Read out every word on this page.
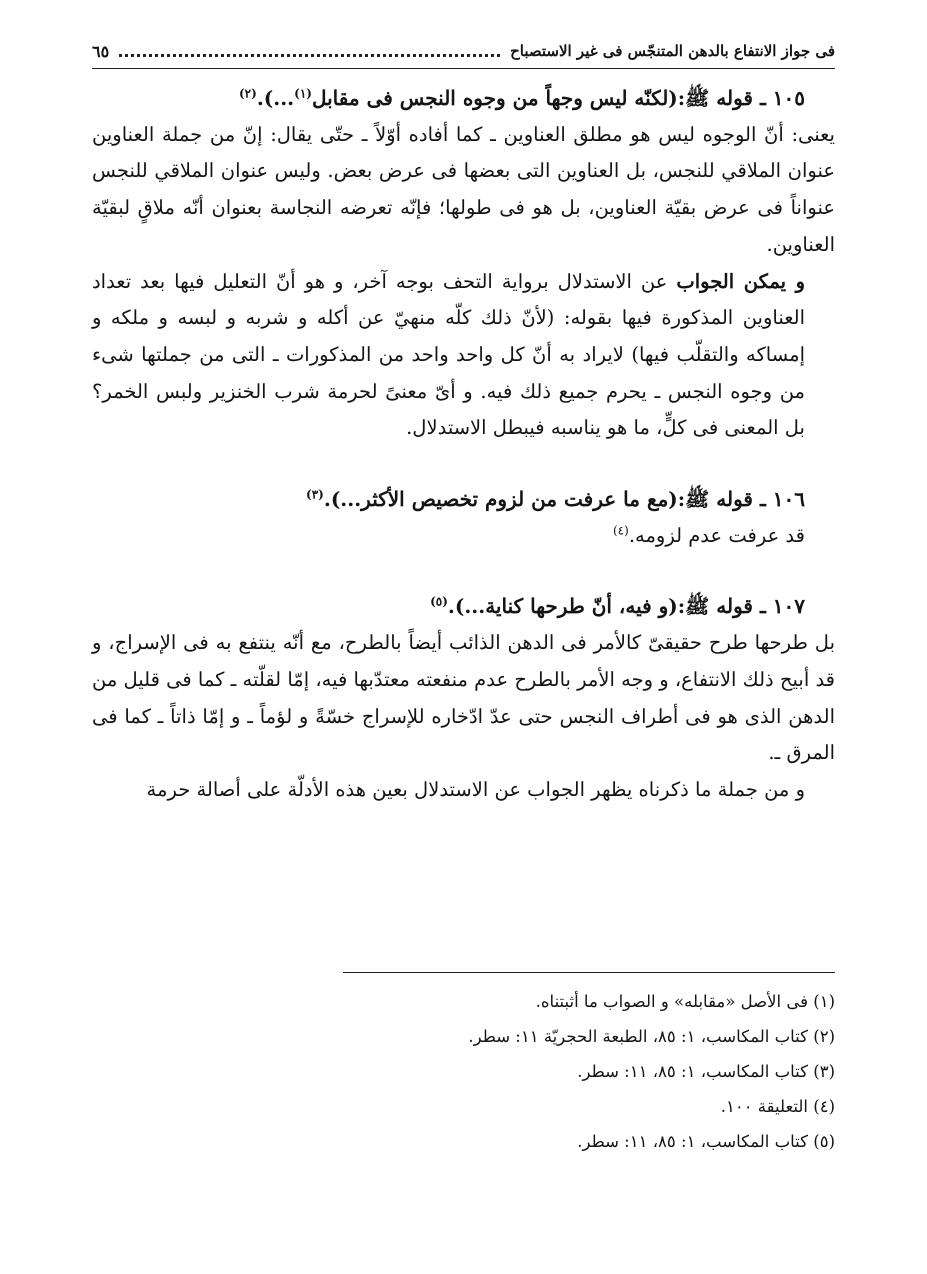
فى جواز الانتفاع بالدهن المتنجّس فى غير الاستصباح
٦٥

١٠٥ ـ قوله ﷺ:(لكنّه ليس وجهاً من وجوه النجس فى مقابل$^{(١)}$...).$^{(٢)}$

يعنى: أنّ الوجوه ليس هو مطلق العناوين ـ كما أفاده أوّلاً ـ حتّى يقال: إنّ من جملة العناوين عنوان الملاقي للنجس، بل العناوين التى بعضها فى عرض بعض. وليس عنوان الملاقي للنجس عنواناً فى عرض بقيّة العناوين، بل هو فى طولها؛ فإنّه تعرضه النجاسة بعنوان أنّه ملاقٍ لبقيّة العناوين.

و يمكن الجواب عن الاستدلال برواية التحف بوجه آخر، و هو أنّ التعليل فيها بعد تعداد العناوين المذكورة فيها بقوله: (لأنّ ذلك كلّه منهيّ عن أكله و شربه و لبسه و ملكه و إمساكه والتقلّب فيها) لايراد به أنّ كل واحد واحد من المذكورات ـ التى من جملتها شىء من وجوه النجس ـ يحرم جميع ذلك فيه. و أىّ معنىً لحرمة شرب الخنزير ولبس الخمر؟ بل المعنى فى كلٍّ، ما هو يناسبه فيبطل الاستدلال.

١٠٦ ـ قوله ﷺ:(مع ما عرفت من لزوم تخصيص الأكثر...).$^{(٣)}$

قد عرفت عدم لزومه.$^{(٤)}$

١٠٧ ـ قوله ﷺ:(و فيه، أنّ طرحها كناية...).$^{(٥)}$

بل طرحها طرح حقيقىّ كالأمر فى الدهن الذائب أيضاً بالطرح، مع أنّه ينتفع به فى الإسراج، و قد أبيح ذلك الانتفاع، و وجه الأمر بالطرح عدم منفعته معتدّبها فيه، إمّا لقلّته ـ كما فى قليل من الدهن الذى هو فى أطراف النجس حتى عدّ ادّخاره للإسراج خسّةً و لؤماً ـ و إمّا ذاتاً ـ كما فى المرق ـ.

و من جملة ما ذكرناه يظهر الجواب عن الاستدلال بعين هذه الأدلّة على أصالة حرمة

(١) فى الأصل «مقابله» و الصواب ما أثبتناه.

(٢) كتاب المكاسب، ١: ٨٥، الطبعة الحجريّة ١١: سطر.

(٣) كتاب المكاسب، ١: ٨٥، ١١: سطر.

(٤) التعليقة ١٠٠.

(٥) كتاب المكاسب، ١: ٨٥، ١١: سطر.
